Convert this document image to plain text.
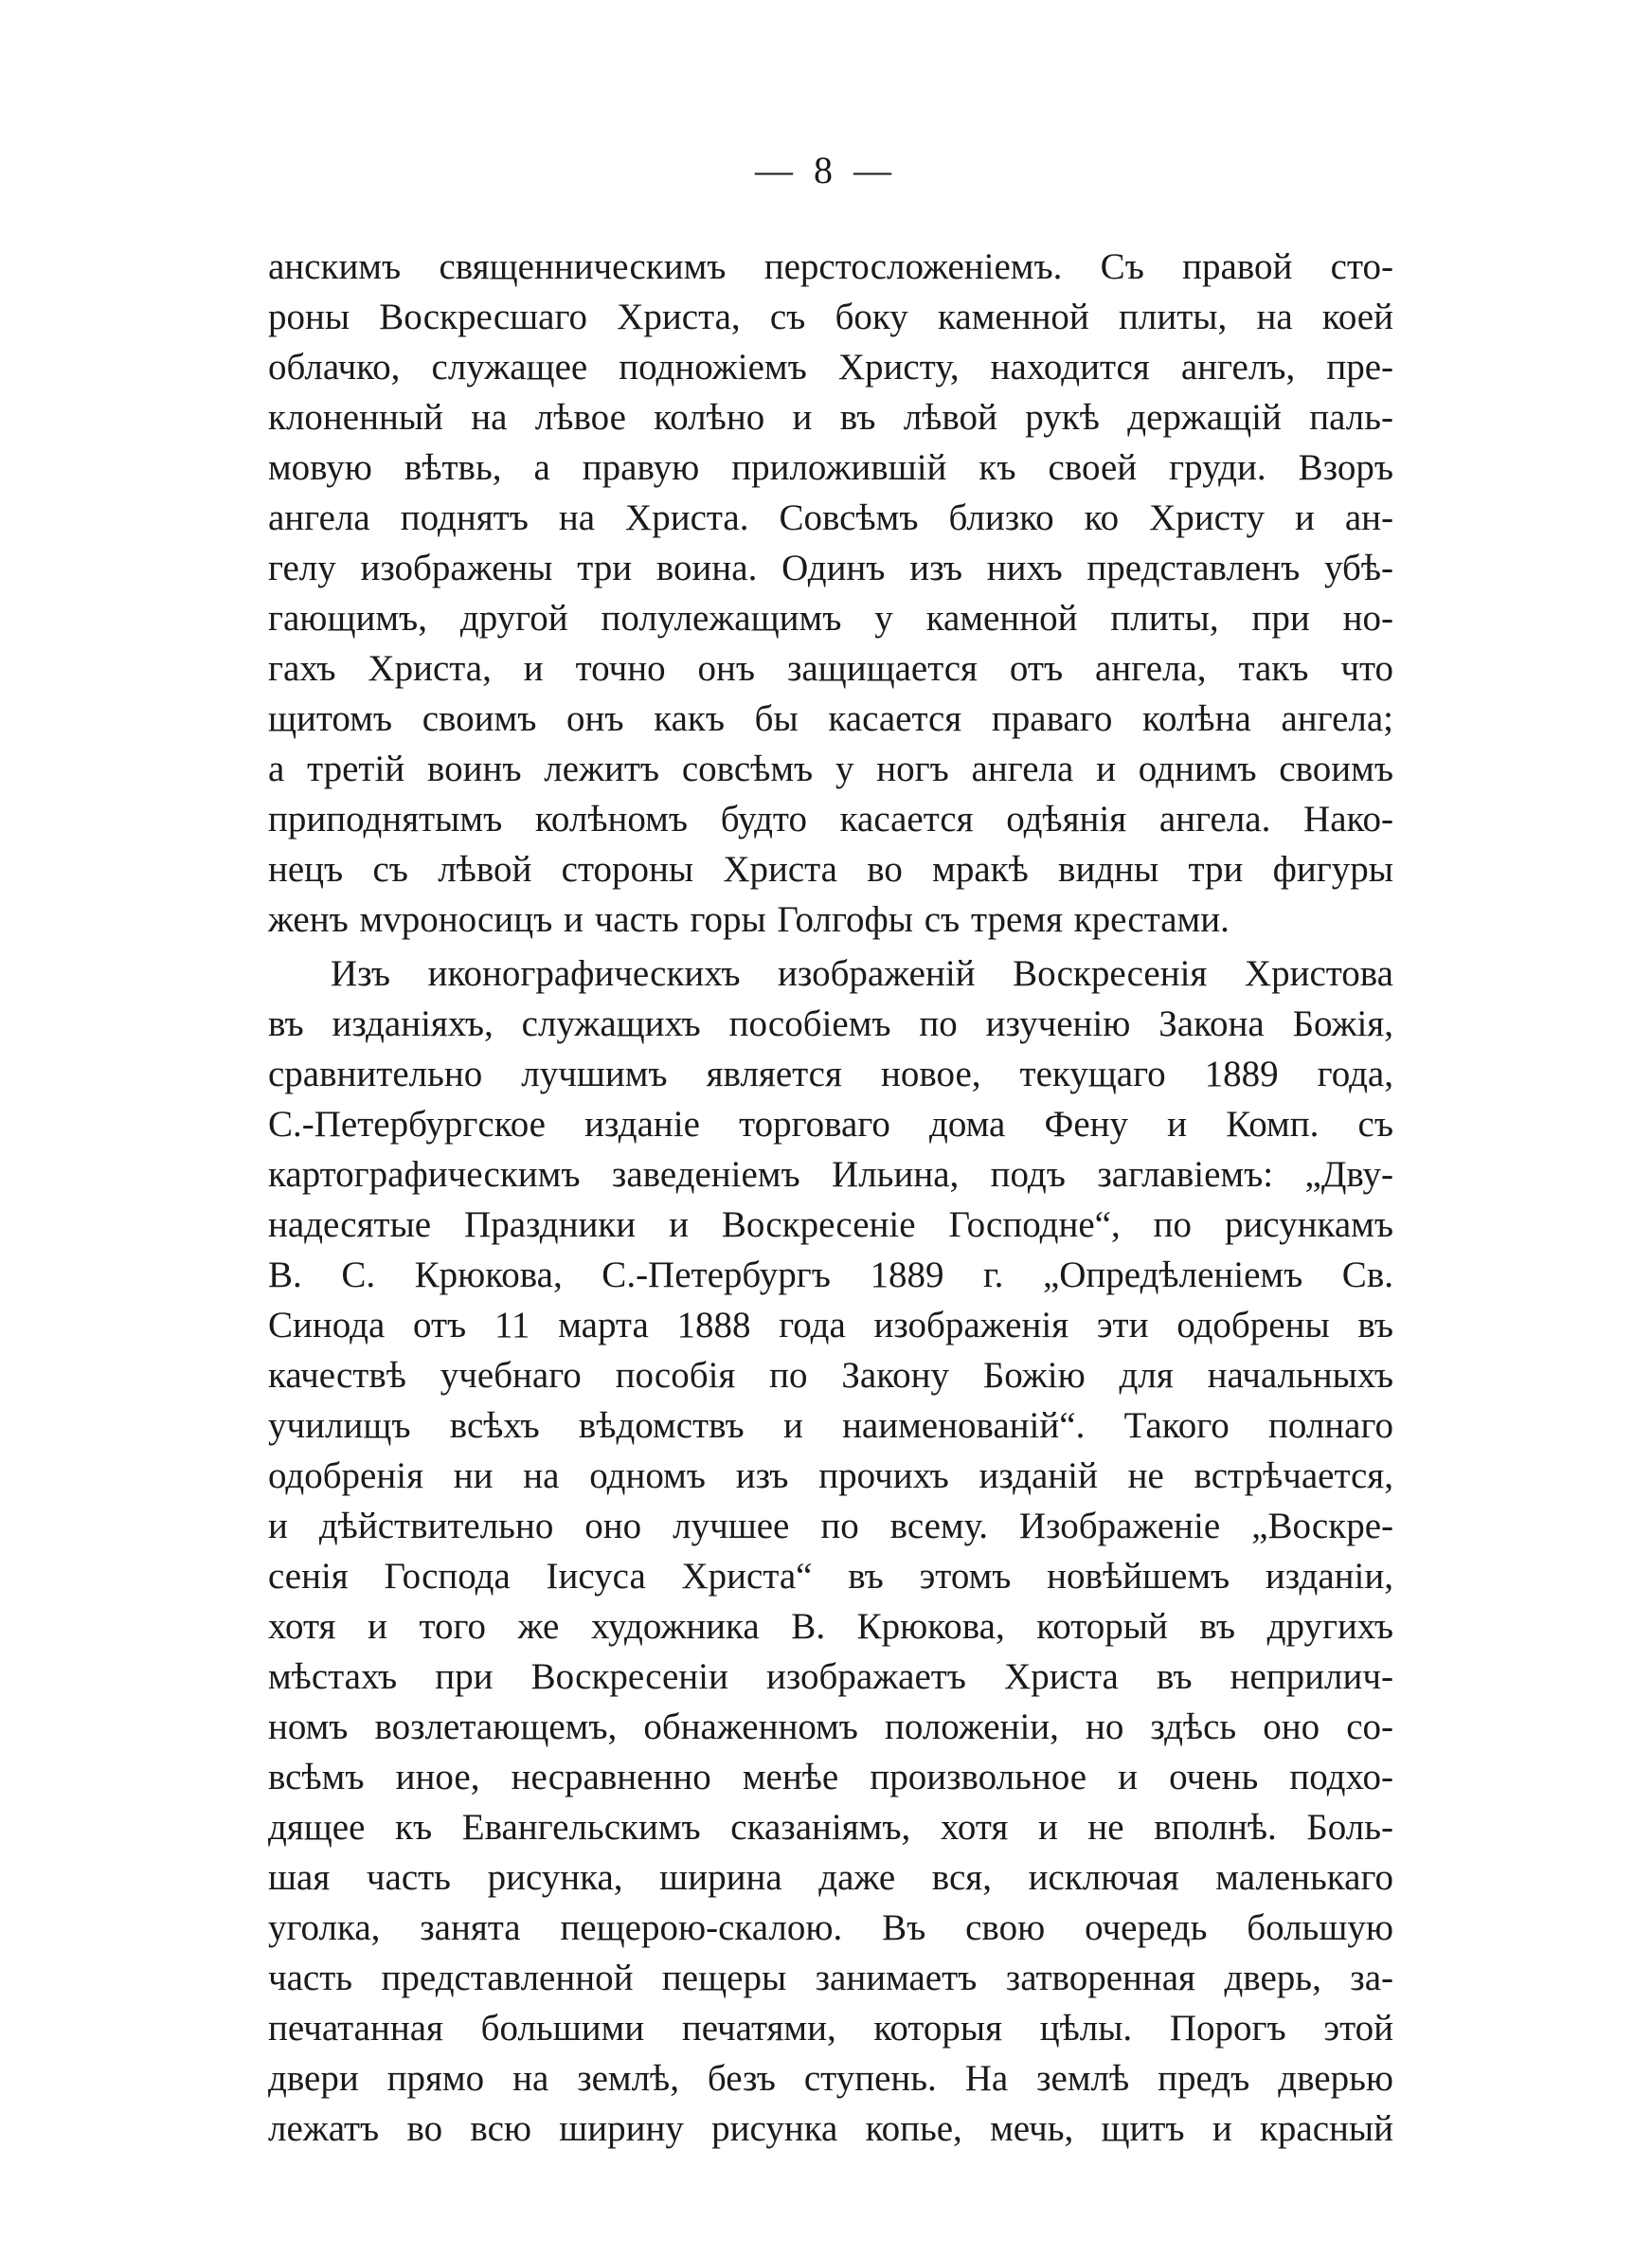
— 8 —
анскимъ священническимъ перстосложеніемъ. Съ правой сто-
роны Воскресшаго Христа, съ боку каменной плиты, на коей
облачко, служащее подножіемъ Христу, находится ангелъ, пре-
клоненный на лѣвое колѣно и въ лѣвой рукѣ держащій паль-
мовую вѣтвь, а правую приложившій къ своей груди. Взоръ
ангела поднятъ на Христа. Совсѣмъ близко ко Христу и ан-
гелу изображены три воина. Одинъ изъ нихъ представленъ убѣ-
гающимъ, другой полулежащимъ у каменной плиты, при но-
гахъ Христа, и точно онъ защищается отъ ангела, такъ что
щитомъ своимъ онъ какъ бы касается праваго колѣна ангела;
а третій воинъ лежитъ совсѣмъ у ногъ ангела и однимъ своимъ
приподнятымъ колѣномъ будто касается одѣянія ангела. Нако-
нецъ съ лѣвой стороны Христа во мракѣ видны три фигуры
женъ мvроносицъ и часть горы Голгофы съ тремя крестами.
Изъ иконографическихъ изображеній Воскресенія Христова
въ изданіяхъ, служащихъ пособіемъ по изученію Закона Божія,
сравнительно лучшимъ является новое, текущаго 1889 года,
С.-Петербургское изданіе торговаго дома Фену и Комп. съ
картографическимъ заведеніемъ Ильина, подъ заглавіемъ: „Дву-
надесятые Праздники и Воскресеніе Господне“, по рисункамъ
В. С. Крюкова, С.-Петербургъ 1889 г. „Опредѣленіемъ Св.
Синода отъ 11 марта 1888 года изображенія эти одобрены въ
качествѣ учебнаго пособія по Закону Божію для начальныхъ
училищъ всѣхъ вѣдомствъ и наименованій“. Такого полнаго
одобренія ни на одномъ изъ прочихъ изданій не встрѣчается,
и дѣйствительно оно лучшее по всему. Изображеніе „Воскре-
сенія Господа Іисуса Христа“ въ этомъ новѣйшемъ изданіи,
хотя и того же художника В. Крюкова, который въ другихъ
мѣстахъ при Воскресеніи изображаетъ Христа въ неприлич-
номъ возлетающемъ, обнаженномъ положеніи, но здѣсь оно со-
всѣмъ иное, несравненно менѣе произвольное и очень подхо-
дящее къ Евангельскимъ сказаніямъ, хотя и не вполнѣ. Боль-
шая часть рисунка, ширина даже вся, исключая маленькаго
уголка, занята пещерою-скалою. Въ свою очередь большую
часть представленной пещеры занимаетъ затворенная дверь, за-
печатанная большими печатями, которыя цѣлы. Порогъ этой
двери прямо на землѣ, безъ ступень. На землѣ предъ дверью
лежатъ во всю ширину рисунка копье, мечь, щитъ и красный
